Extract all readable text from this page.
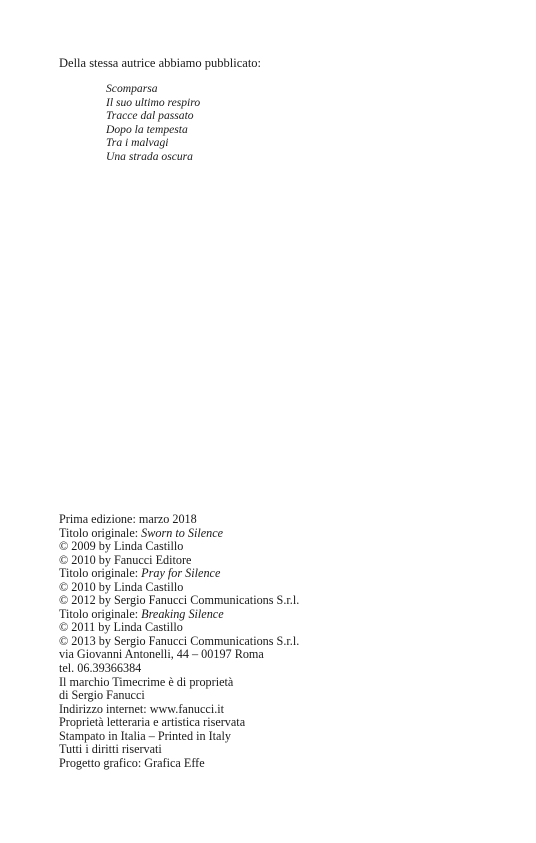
Della stessa autrice abbiamo pubblicato:
Scomparsa
Il suo ultimo respiro
Tracce dal passato
Dopo la tempesta
Tra i malvagi
Una strada oscura
Prima edizione: marzo 2018
Titolo originale: Sworn to Silence
© 2009 by Linda Castillo
© 2010 by Fanucci Editore
Titolo originale: Pray for Silence
© 2010 by Linda Castillo
© 2012 by Sergio Fanucci Communications S.r.l.
Titolo originale: Breaking Silence
© 2011 by Linda Castillo
© 2013 by Sergio Fanucci Communications S.r.l.
via Giovanni Antonelli, 44 – 00197 Roma
tel. 06.39366384
Il marchio Timecrime è di proprietà
di Sergio Fanucci
Indirizzo internet: www.fanucci.it
Proprietà letteraria e artistica riservata
Stampato in Italia – Printed in Italy
Tutti i diritti riservati
Progetto grafico: Grafica Effe
